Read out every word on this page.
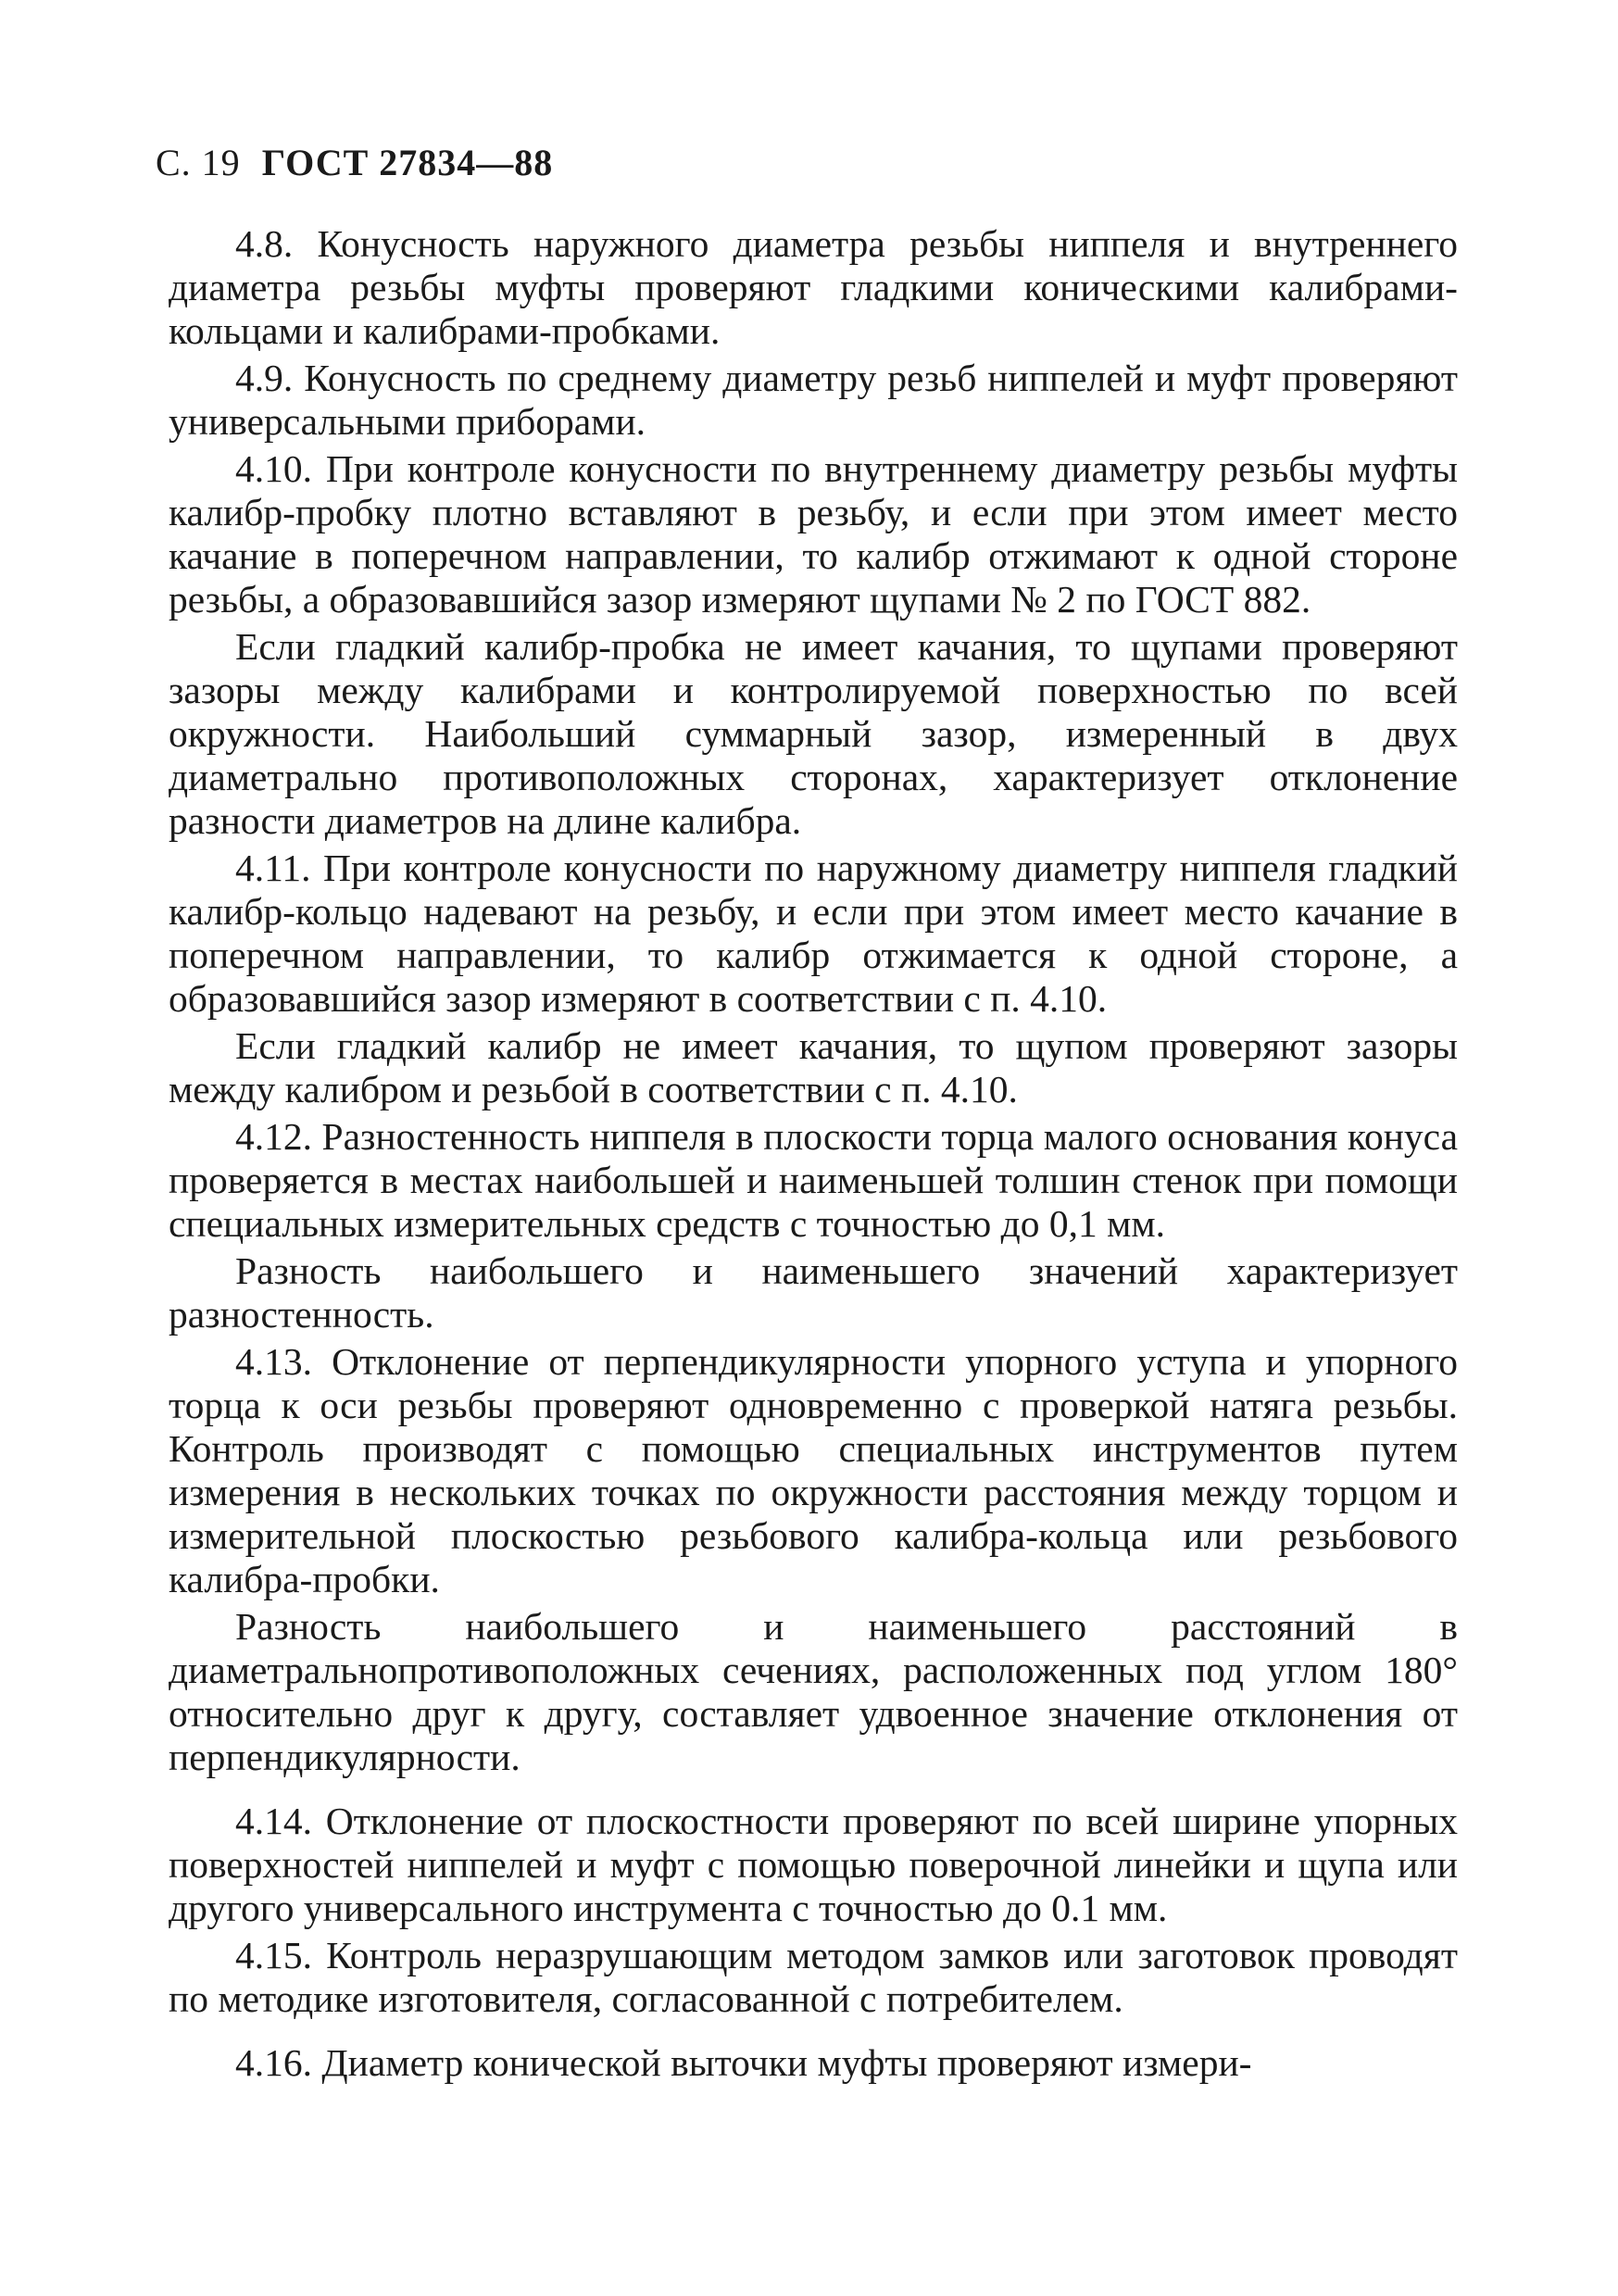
С. 19 ГОСТ 27834—88

4.8. Конусность наружного диаметра резьбы ниппеля и внутреннего диаметра резьбы муфты проверяют гладкими коническими калибрами-кольцами и калибрами-пробками.

4.9. Конусность по среднему диаметру резьб ниппелей и муфт проверяют универсальными приборами.

4.10. При контроле конусности по внутреннему диаметру резьбы муфты калибр-пробку плотно вставляют в резьбу, и если при этом имеет место качание в поперечном направлении, то калибр отжимают к одной стороне резьбы, а образовавшийся зазор измеряют щупами № 2 по ГОСТ 882.

Если гладкий калибр-пробка не имеет качания, то щупами проверяют зазоры между калибрами и контролируемой поверхностью по всей окружности. Наибольший суммарный зазор, измеренный в двух диаметрально противоположных сторонах, характеризует отклонение разности диаметров на длине калибра.

4.11. При контроле конусности по наружному диаметру ниппеля гладкий калибр-кольцо надевают на резьбу, и если при этом имеет место качание в поперечном направлении, то калибр отжимается к одной стороне, а образовавшийся зазор измеряют в соответствии с п. 4.10.

Если гладкий калибр не имеет качания, то щупом проверяют зазоры между калибром и резьбой в соответствии с п. 4.10.

4.12. Разностенность ниппеля в плоскости торца малого основания конуса проверяется в местах наибольшей и наименьшей толшин стенок при помощи специальных измерительных средств с точностью до 0,1 мм.

Разность наибольшего и наименьшего значений характеризует разностенность.

4.13. Отклонение от перпендикулярности упорного уступа и упорного торца к оси резьбы проверяют одновременно с проверкой натяга резьбы. Контроль производят с помощью специальных инструментов путем измерения в нескольких точках по окружности расстояния между торцом и измерительной плоскостью резьбового калибра-кольца или резьбового калибра-пробки.

Разность наибольшего и наименьшего расстояний в диаметральнопротивоположных сечениях, расположенных под углом 180° относительно друг к другу, составляет удвоенное значение отклонения от перпендикулярности.

4.14. Отклонение от плоскостности проверяют по всей ширине упорных поверхностей ниппелей и муфт с помощью поверочной линейки и щупа или другого универсального инструмента с точностью до 0.1 мм.

4.15. Контроль неразрушающим методом замков или заготовок проводят по методике изготовителя, согласованной с потребителем.

4.16. Диаметр конической выточки муфты проверяют измери-
